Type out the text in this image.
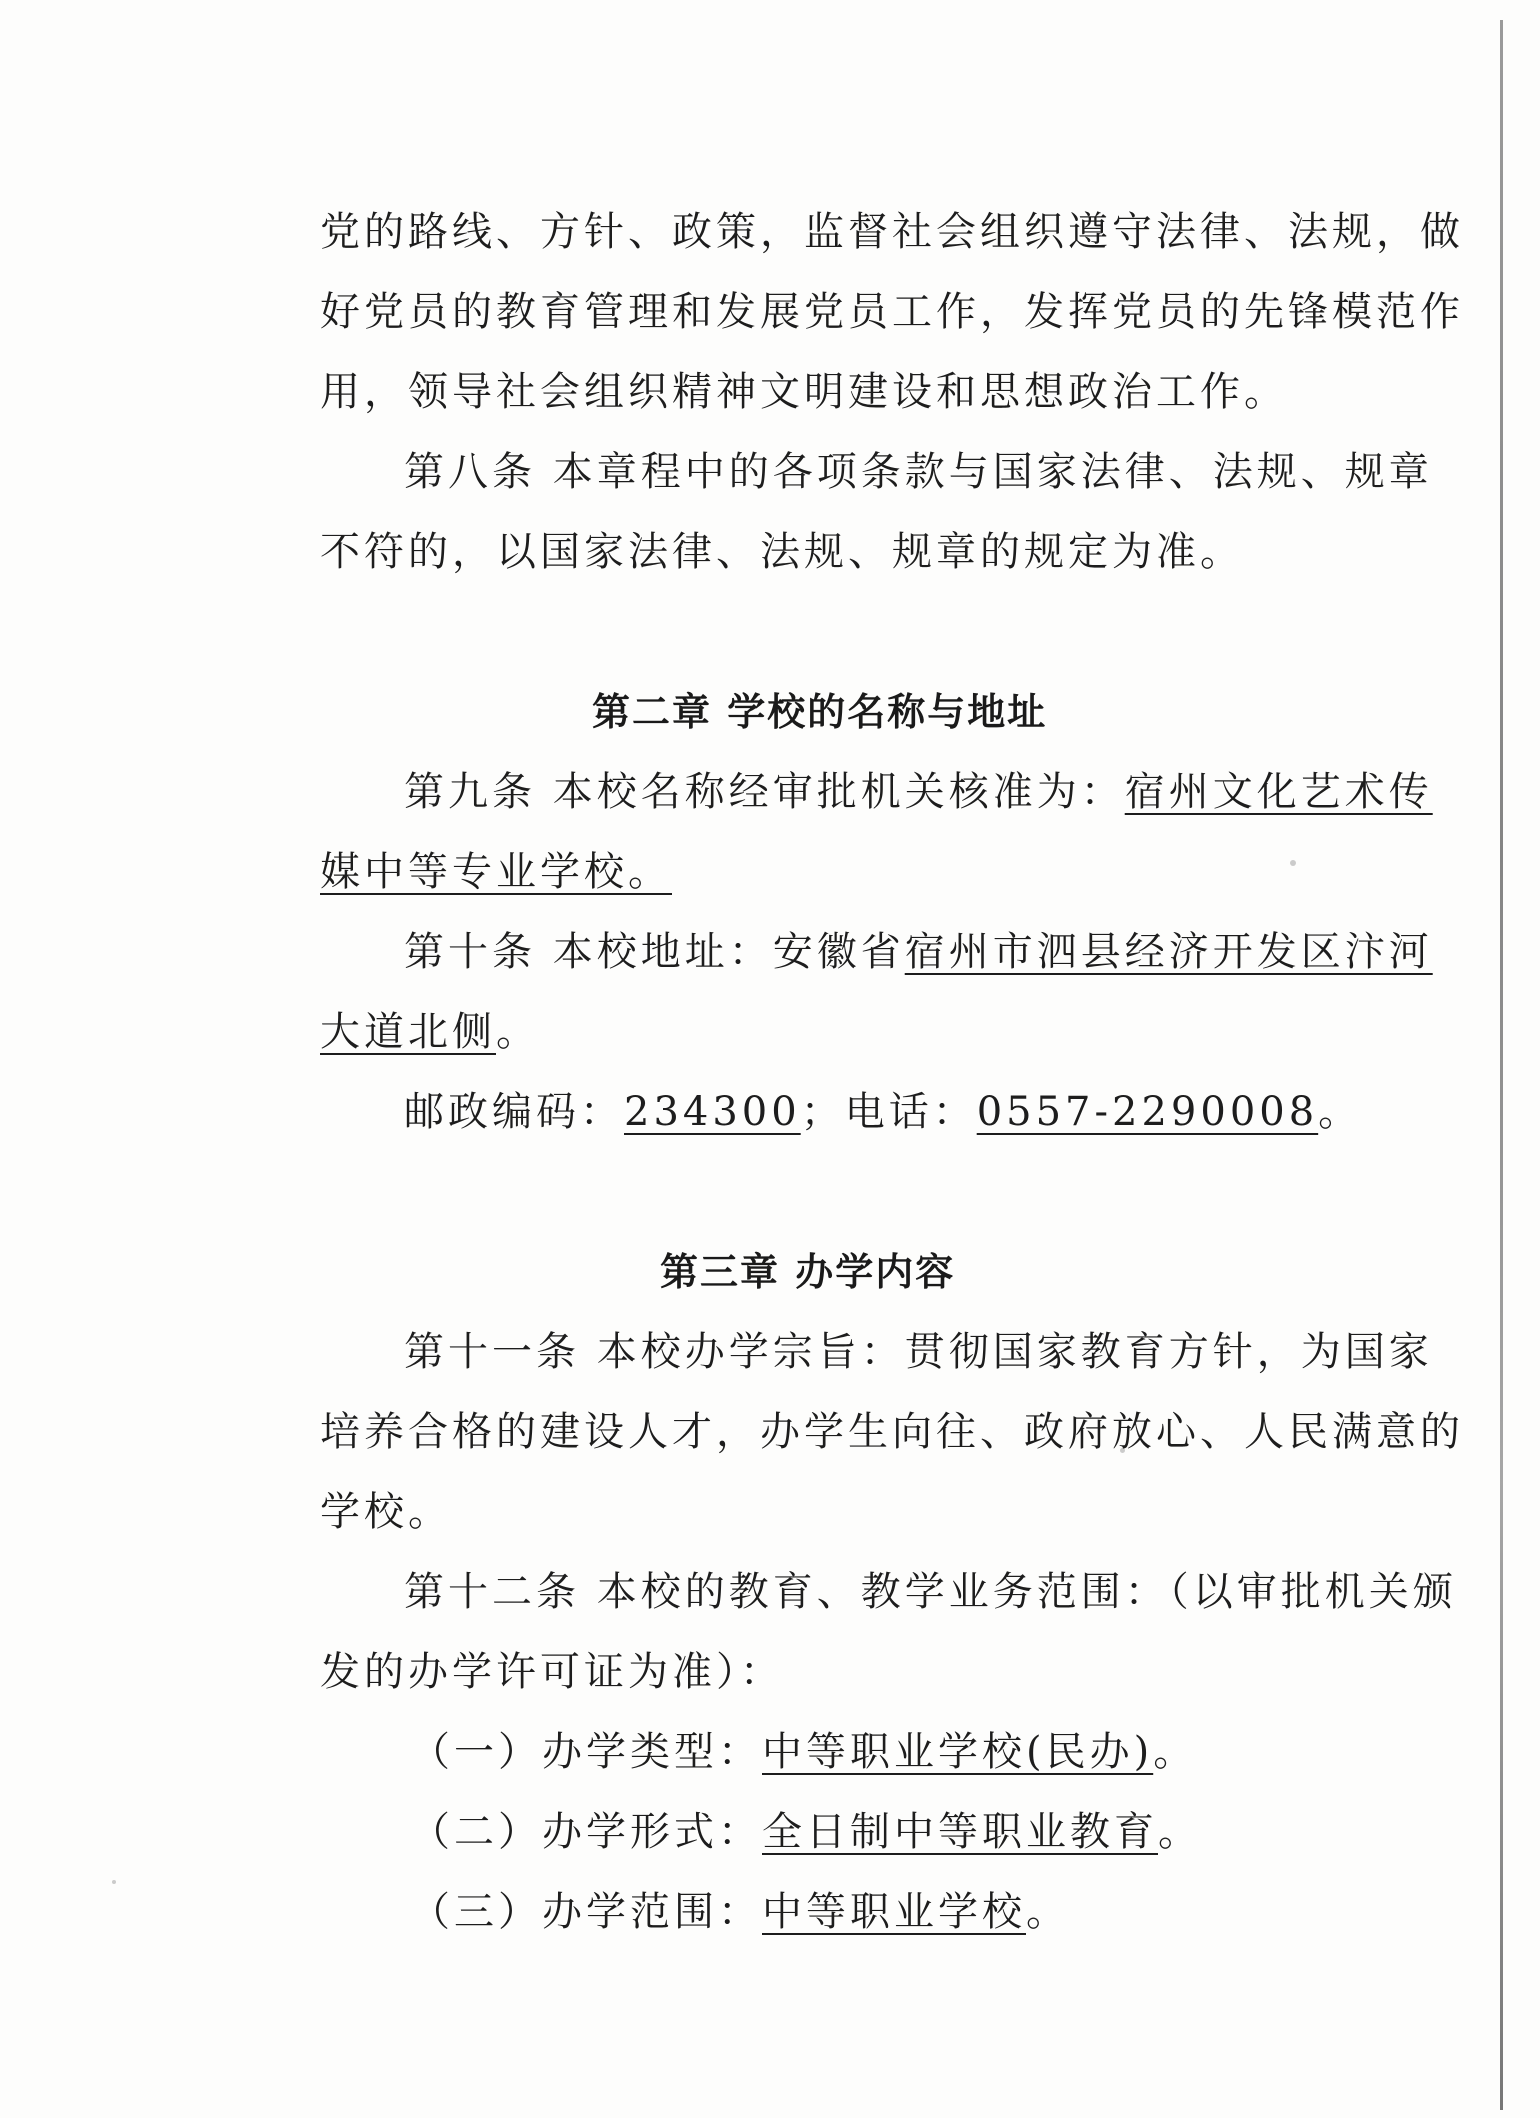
党的路线、方针、政策，监督社会组织遵守法律、法规，做
好党员的教育管理和发展党员工作，发挥党员的先锋模范作
用，领导社会组织精神文明建设和思想政治工作。
第八条 本章程中的各项条款与国家法律、法规、规章
不符的，以国家法律、法规、规章的规定为准。
第二章 学校的名称与地址
第九条 本校名称经审批机关核准为：宿州文化艺术传
媒中等专业学校。
第十条 本校地址：安徽省宿州市泗县经济开发区汴河
大道北侧。
邮政编码：234300；电话：0557-2290008。
第三章 办学内容
第十一条 本校办学宗旨：贯彻国家教育方针，为国家
培养合格的建设人才，办学生向往、政府放心、人民满意的
学校。
第十二条 本校的教育、教学业务范围：（以审批机关颁
发的办学许可证为准）：
（一）办学类型：中等职业学校(民办)。
（二）办学形式：全日制中等职业教育。
（三）办学范围：中等职业学校。
